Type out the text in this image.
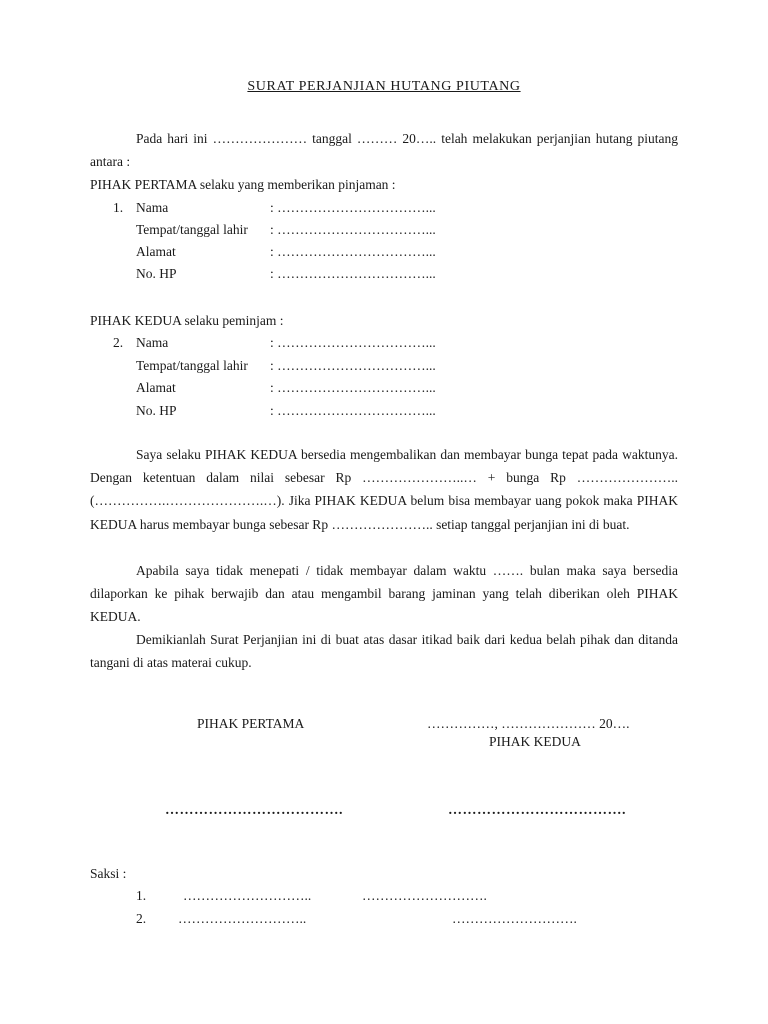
SURAT PERJANJIAN HUTANG PIUTANG
Pada hari ini ………………… tanggal ……… 20….. telah melakukan perjanjian hutang piutang antara :
PIHAK PERTAMA selaku yang memberikan pinjaman :
1. Nama	: ……………………………...
Tempat/tanggal lahir : ……………………………...
Alamat	: ……………………………...
No. HP	: ……………………………...
PIHAK KEDUA selaku peminjam :
2. Nama	: ……………………………...
Tempat/tanggal lahir : ……………………………...
Alamat	: ……………………………...
No. HP	: ……………………………...
Saya selaku PIHAK KEDUA bersedia mengembalikan dan membayar bunga tepat pada waktunya. Dengan ketentuan dalam nilai sebesar Rp …………………..… + bunga Rp ………………….. (…………….………………….…). Jika PIHAK KEDUA belum bisa membayar uang pokok maka PIHAK KEDUA harus membayar bunga sebesar Rp ………………….. setiap tanggal perjanjian ini di buat.
Apabila saya tidak menepati / tidak membayar dalam waktu ……. bulan maka saya bersedia dilaporkan ke pihak berwajib dan atau mengambil barang jaminan yang telah diberikan oleh PIHAK KEDUA.
Demikianlah Surat Perjanjian ini di buat atas dasar itikad baik dari kedua belah pihak dan ditanda tangani di atas materai cukup.
PIHAK PERTAMA	……………, ………………… 20….
PIHAK KEDUA
……………………………….	……………………………….
Saksi :
1.	………………………..	……………………….
2. ………………………..	……………………….
